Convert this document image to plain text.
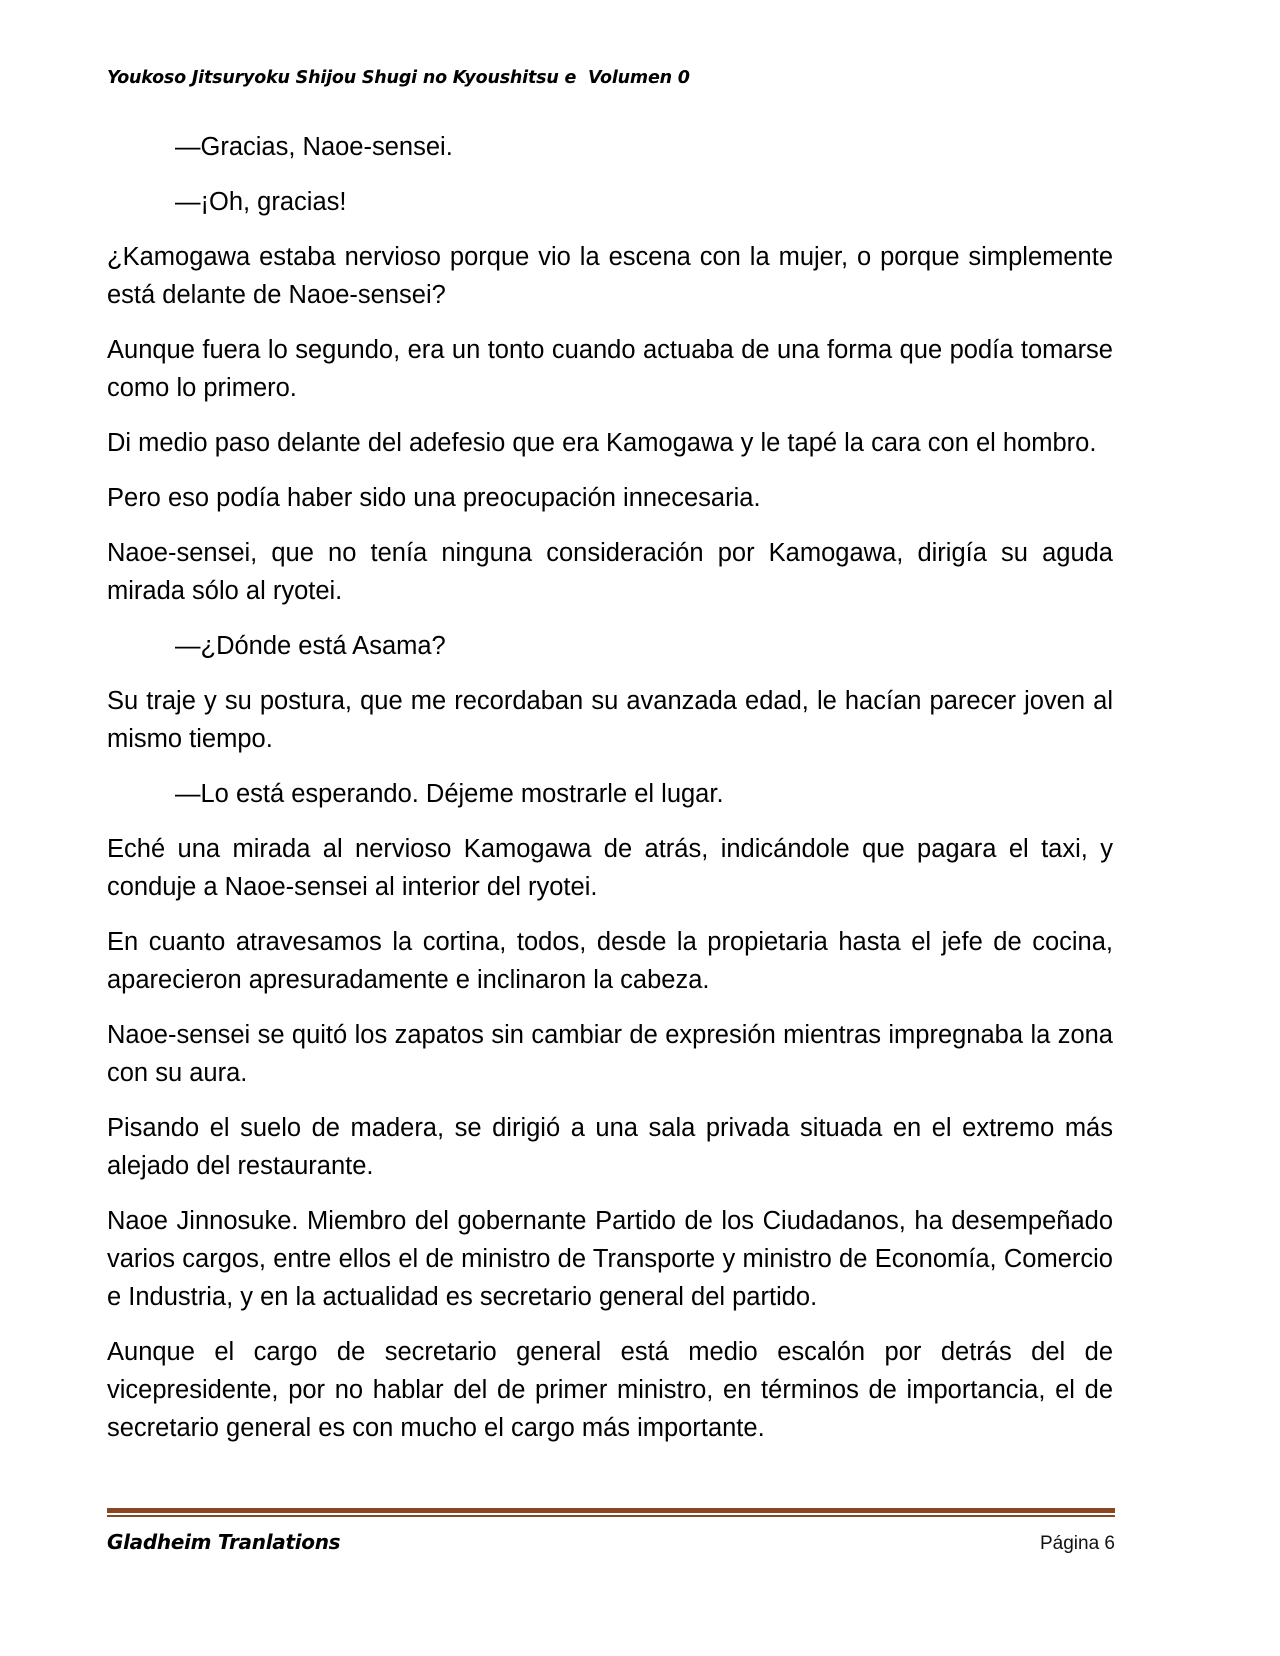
Youkoso Jitsuryoku Shijou Shugi no Kyoushitsu e  Volumen 0

—Gracias, Naoe-sensei.

—¡Oh, gracias!

¿Kamogawa estaba nervioso porque vio la escena con la mujer, o porque simplemente está delante de Naoe-sensei?

Aunque fuera lo segundo, era un tonto cuando actuaba de una forma que podía tomarse como lo primero.

Di medio paso delante del adefesio que era Kamogawa y le tapé la cara con el hombro.

Pero eso podía haber sido una preocupación innecesaria.

Naoe-sensei, que no tenía ninguna consideración por Kamogawa, dirigía su aguda mirada sólo al ryotei.

—¿Dónde está Asama?

Su traje y su postura, que me recordaban su avanzada edad, le hacían parecer joven al mismo tiempo.

—Lo está esperando. Déjeme mostrarle el lugar.

Eché una mirada al nervioso Kamogawa de atrás, indicándole que pagara el taxi, y conduje a Naoe-sensei al interior del ryotei.

En cuanto atravesamos la cortina, todos, desde la propietaria hasta el jefe de cocina, aparecieron apresuradamente e inclinaron la cabeza.

Naoe-sensei se quitó los zapatos sin cambiar de expresión mientras impregnaba la zona con su aura.

Pisando el suelo de madera, se dirigió a una sala privada situada en el extremo más alejado del restaurante.

Naoe Jinnosuke. Miembro del gobernante Partido de los Ciudadanos, ha desempeñado varios cargos, entre ellos el de ministro de Transporte y ministro de Economía, Comercio e Industria, y en la actualidad es secretario general del partido.

Aunque el cargo de secretario general está medio escalón por detrás del de vicepresidente, por no hablar del de primer ministro, en términos de importancia, el de secretario general es con mucho el cargo más importante.

Gladheim Tranlations	Página 6
